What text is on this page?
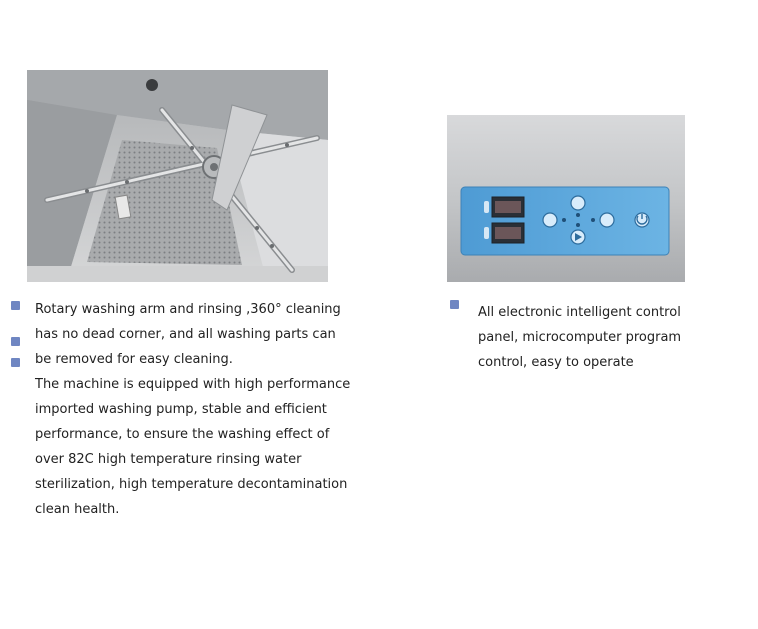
Rotary washing arm and rinsing ,360° cleaning
has no dead corner, and all washing parts can
be removed for easy cleaning.
The machine is equipped with high performance
imported washing pump, stable and efficient
performance, to ensure the washing effect of
over 82C high temperature rinsing water
sterilization, high temperature decontamination
clean health.
All electronic intelligent control
panel, microcomputer program
control, easy to operate
